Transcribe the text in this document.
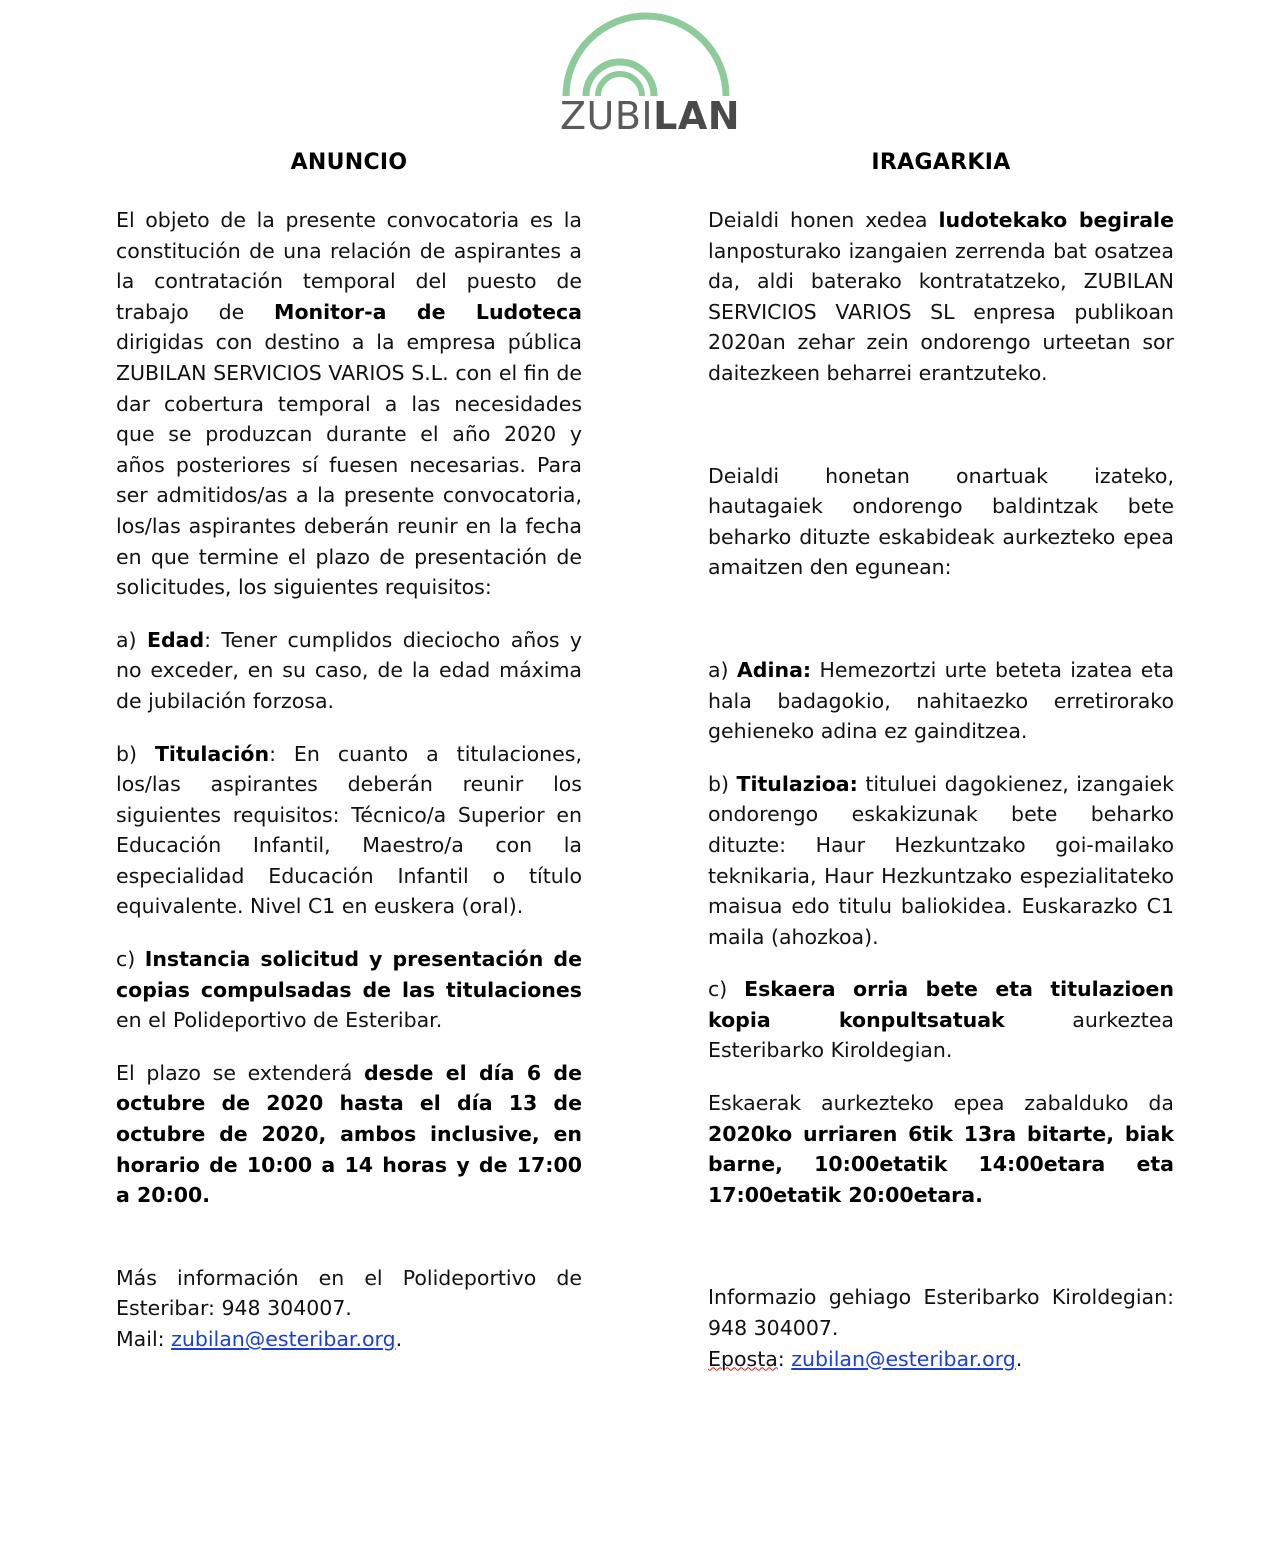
ZUBILAN
ANUNCIO

El objeto de la presente convocatoria es la constitución de una relación de aspirantes a la contratación temporal del puesto de trabajo de Monitor-a de Ludoteca dirigidas con destino a la empresa pública ZUBILAN SERVICIOS VARIOS S.L. con el fin de dar cobertura temporal a las necesidades que se produzcan durante el año 2020 y años posteriores sí fuesen necesarias. Para ser admitidos/as a la presente convocatoria, los/las aspirantes deberán reunir en la fecha en que termine el plazo de presentación de solicitudes, los siguientes requisitos:

a) Edad: Tener cumplidos dieciocho años y no exceder, en su caso, de la edad máxima de jubilación forzosa.

b) Titulación: En cuanto a titulaciones, los/las aspirantes deberán reunir los siguientes requisitos: Técnico/a Superior en Educación Infantil, Maestro/a con la especialidad Educación Infantil o título equivalente. Nivel C1 en euskera (oral).

c) Instancia solicitud y presentación de copias compulsadas de las titulaciones en el Polideportivo de Esteribar.

El plazo se extenderá desde el día 6 de octubre de 2020 hasta el día 13 de octubre de 2020, ambos inclusive, en horario de 10:00 a 14 horas y de 17:00 a 20:00.

Más información en el Polideportivo de Esteribar: 948 304007.
Mail: zubilan@esteribar.org.

IRAGARKIA

Deialdi honen xedea ludotekako begirale lanposturako izangaien zerrenda bat osatzea da, aldi baterako kontratatzeko, ZUBILAN SERVICIOS VARIOS SL enpresa publikoan 2020an zehar zein ondorengo urteetan sor daitezkeen beharrei erantzuteko.

Deialdi honetan onartuak izateko, hautagaiek ondorengo baldintzak bete beharko dituzte eskabideak aurkezteko epea amaitzen den egunean:

a) Adina: Hemezortzi urte beteta izatea eta hala badagokio, nahitaezko erretirorako gehieneko adina ez gainditzea.

b) Titulazioa: tituluei dagokienez, izangaiek ondorengo eskakizunak bete beharko dituzte: Haur Hezkuntzako goi-mailako teknikaria, Haur Hezkuntzako espezialitateko maisua edo titulu baliokidea. Euskarazko C1 maila (ahozkoa).

c) Eskaera orria bete eta titulazioen kopia konpultsatuak aurkeztea Esteribarko Kiroldegian.

Eskaerak aurkezteko epea zabalduko da 2020ko urriaren 6tik 13ra bitarte, biak barne, 10:00etatik 14:00etara eta 17:00etatik 20:00etara.

Informazio gehiago Esteribarko Kiroldegian: 948 304007.
Eposta: zubilan@esteribar.org.
